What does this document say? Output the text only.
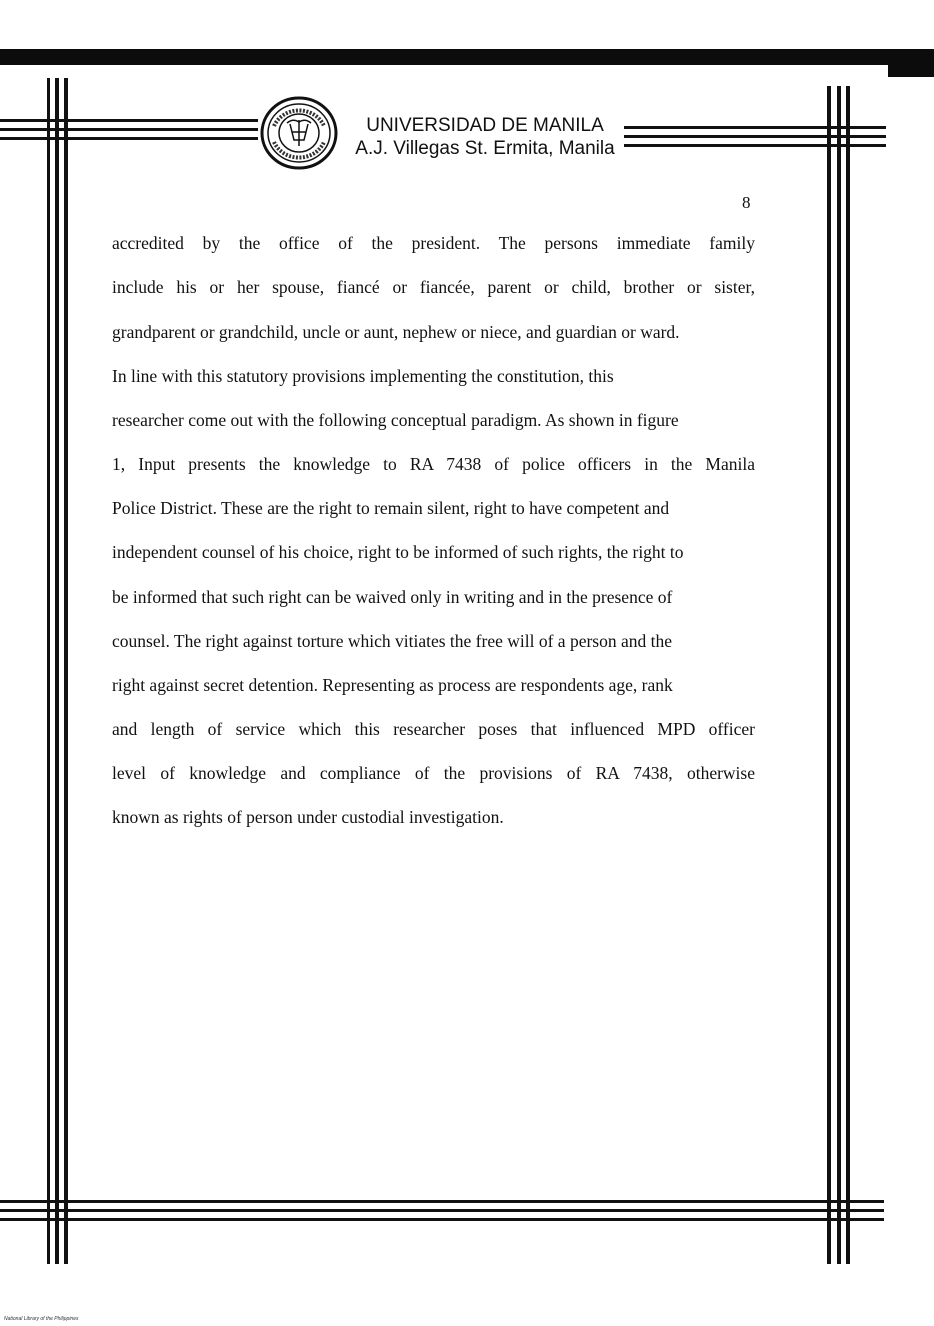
UNIVERSIDAD DE MANILA
A.J. Villegas St. Ermita, Manila
8
accredited by the office of the president. The persons immediate family
include his or her spouse, fiancé or fiancée, parent or child, brother or sister,
grandparent or grandchild, uncle or aunt, nephew or niece, and guardian or ward.
In line with this statutory provisions implementing the constitution, this
researcher come out with the following conceptual paradigm. As shown in figure
1, Input presents the knowledge to RA 7438 of police officers in the Manila
Police District. These are the right to remain silent, right to have competent and
independent counsel of his choice, right to be informed of such rights, the right to
be informed that such right can be waived only in writing and in the presence of
counsel. The right against torture which vitiates the free will of a person and the
right against secret detention. Representing as process are respondents age, rank
and length of service which this researcher poses that influenced MPD officer
level of knowledge and compliance of the provisions of RA 7438, otherwise
known as rights of person under custodial investigation.
National Library of the Philippines
